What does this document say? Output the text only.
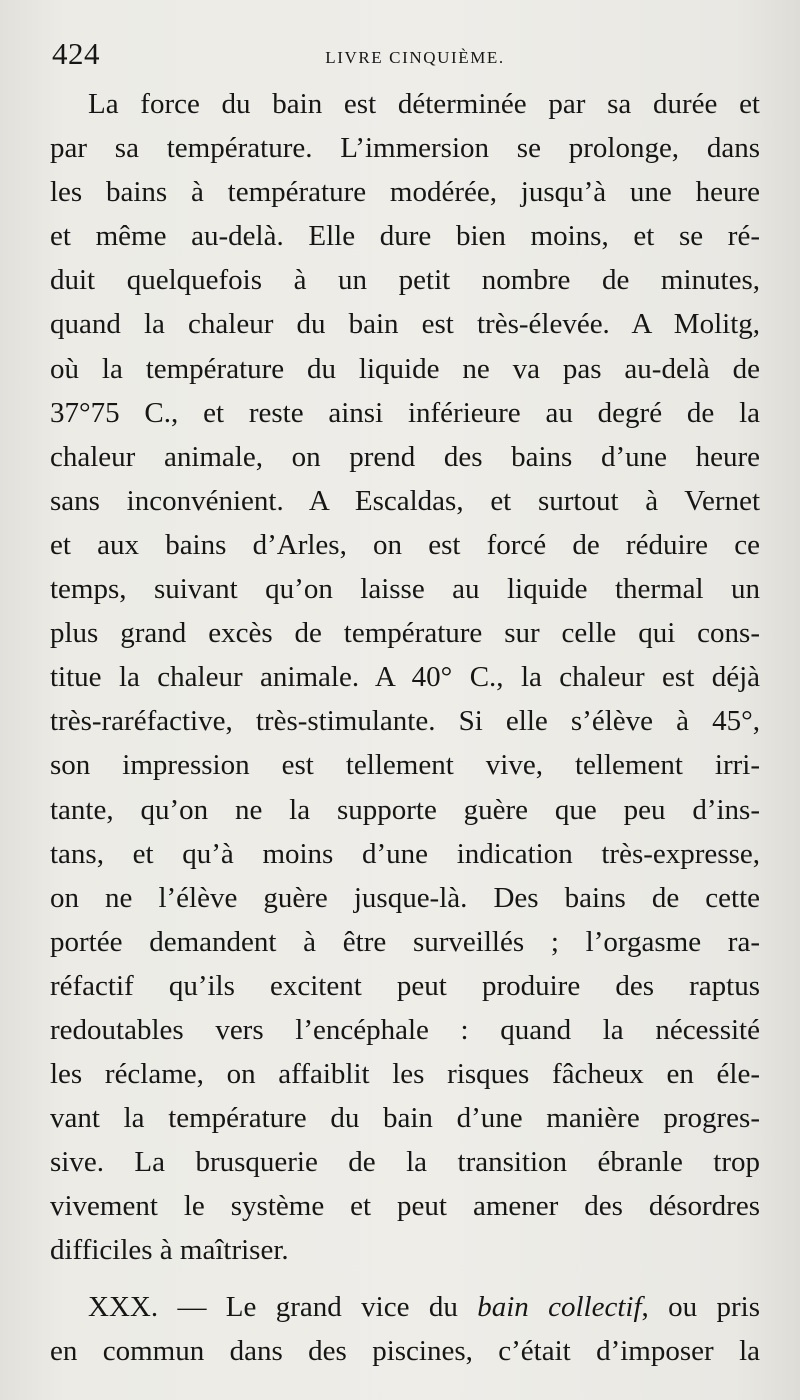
424	LIVRE CINQUIÈME.
La force du bain est déterminée par sa durée et
par sa température. L’immersion se prolonge, dans
les bains à température modérée, jusqu’à une heure
et même au-delà. Elle dure bien moins, et se ré-
duit quelquefois à un petit nombre de minutes,
quand la chaleur du bain est très-élevée. A Molitg,
où la température du liquide ne va pas au-delà de
37°75 C., et reste ainsi inférieure au degré de la
chaleur animale, on prend des bains d’une heure
sans inconvénient. A Escaldas, et surtout à Vernet
et aux bains d’Arles, on est forcé de réduire ce
temps, suivant qu’on laisse au liquide thermal un
plus grand excès de température sur celle qui cons-
titue la chaleur animale. A 40° C., la chaleur est déjà
très-raréfactive, très-stimulante. Si elle s’élève à 45°,
son impression est tellement vive, tellement irri-
tante, qu’on ne la supporte guère que peu d’ins-
tans, et qu’à moins d’une indication très-expresse,
on ne l’élève guère jusque-là. Des bains de cette
portée demandent à être surveillés ; l’orgasme ra-
réfactif qu’ils excitent peut produire des raptus
redoutables vers l’encéphale : quand la nécessité
les réclame, on affaiblit les risques fâcheux en éle-
vant la température du bain d’une manière progres-
sive. La brusquerie de la transition ébranle trop
vivement le système et peut amener des désordres
difficiles à maîtriser.
XXX. — Le grand vice du bain collectif, ou pris
en commun dans des piscines, c’était d’imposer la
